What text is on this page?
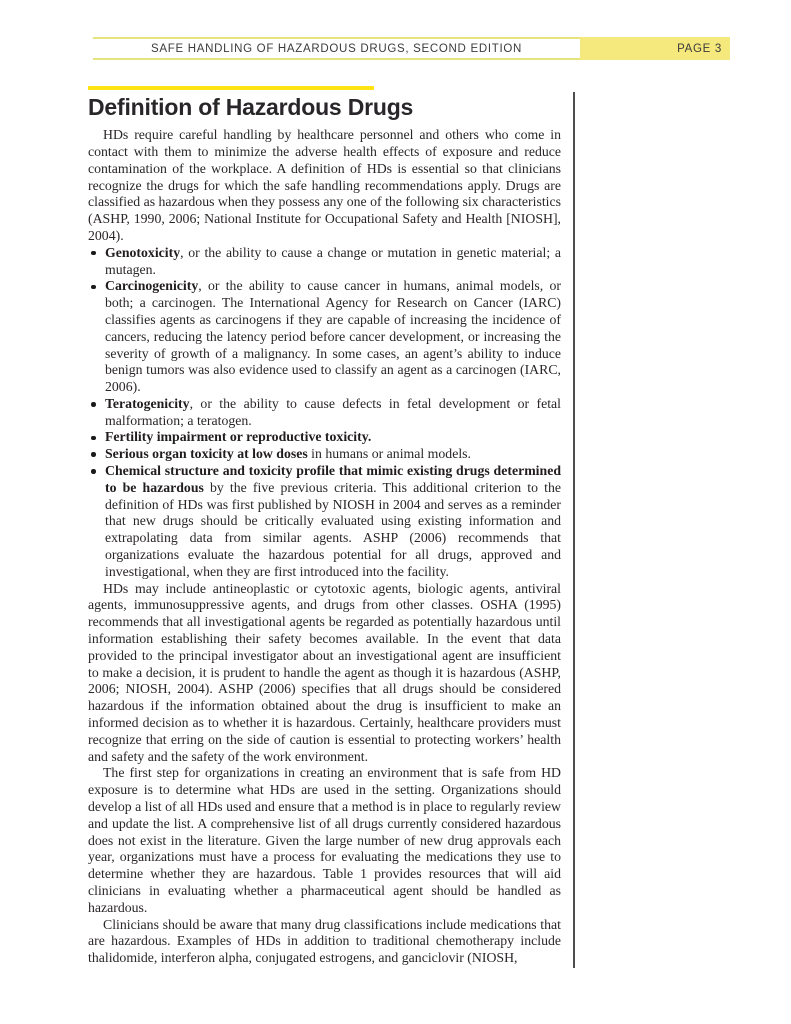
SAFE HANDLING OF HAZARDOUS DRUGS, SECOND EDITION	PAGE 3
Definition of Hazardous Drugs

HDs require careful handling by healthcare personnel and others who come in contact with them to minimize the adverse health effects of exposure and reduce contamination of the workplace. A definition of HDs is essential so that clinicians recognize the drugs for which the safe handling recommendations apply. Drugs are classified as hazardous when they possess any one of the following six characteristics (ASHP, 1990, 2006; National Institute for Occupational Safety and Health [NIOSH], 2004).

Genotoxicity, or the ability to cause a change or mutation in genetic material; a mutagen.
Carcinogenicity, or the ability to cause cancer in humans, animal models, or both; a carcinogen. The International Agency for Research on Cancer (IARC) classifies agents as carcinogens if they are capable of increasing the incidence of cancers, reducing the latency period before cancer development, or increasing the severity of growth of a malignancy. In some cases, an agent’s ability to induce benign tumors was also evidence used to classify an agent as a carcinogen (IARC, 2006).
Teratogenicity, or the ability to cause defects in fetal development or fetal malformation; a teratogen.
Fertility impairment or reproductive toxicity.
Serious organ toxicity at low doses in humans or animal models.
Chemical structure and toxicity profile that mimic existing drugs determined to be hazardous by the five previous criteria. This additional criterion to the definition of HDs was first published by NIOSH in 2004 and serves as a reminder that new drugs should be critically evaluated using existing information and extrapolating data from similar agents. ASHP (2006) recommends that organizations evaluate the hazardous potential for all drugs, approved and investigational, when they are first introduced into the facility.

HDs may include antineoplastic or cytotoxic agents, biologic agents, antiviral agents, immunosuppressive agents, and drugs from other classes. OSHA (1995) recommends that all investigational agents be regarded as potentially hazardous until information establishing their safety becomes available. In the event that data provided to the principal investigator about an investigational agent are insufficient to make a decision, it is prudent to handle the agent as though it is hazardous (ASHP, 2006; NIOSH, 2004). ASHP (2006) specifies that all drugs should be considered hazardous if the information obtained about the drug is insufficient to make an informed decision as to whether it is hazardous. Certainly, healthcare providers must recognize that erring on the side of caution is essential to protecting workers’ health and safety and the safety of the work environment.

The first step for organizations in creating an environment that is safe from HD exposure is to determine what HDs are used in the setting. Organizations should develop a list of all HDs used and ensure that a method is in place to regularly review and update the list. A comprehensive list of all drugs currently considered hazardous does not exist in the literature. Given the large number of new drug approvals each year, organizations must have a process for evaluating the medications they use to determine whether they are hazardous. Table 1 provides resources that will aid clinicians in evaluating whether a pharmaceutical agent should be handled as hazardous.

Clinicians should be aware that many drug classifications include medications that are hazardous. Examples of HDs in addition to traditional chemotherapy include thalidomide, interferon alpha, conjugated estrogens, and ganciclovir (NIOSH,
